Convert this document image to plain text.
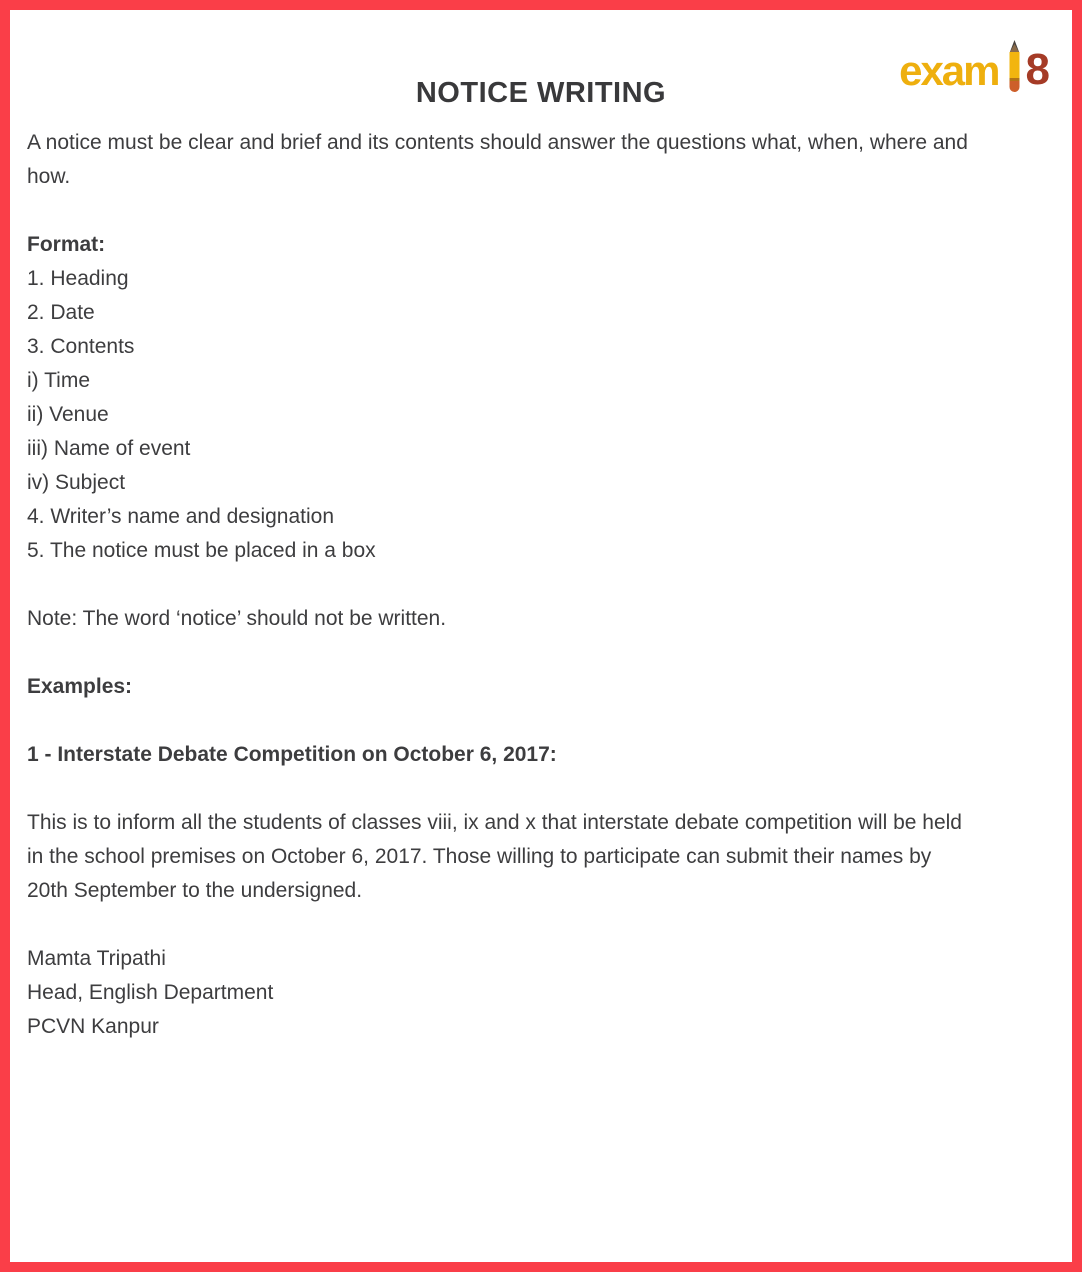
exam 8
NOTICE WRITING

A notice must be clear and brief and its contents should answer the questions what, when, where and how.

Format:
1. Heading
2. Date
3. Contents
i) Time
ii) Venue
iii) Name of event
iv) Subject
4. Writer’s name and designation
5. The notice must be placed in a box

Note: The word ‘notice’ should not be written.

Examples:

1 - Interstate Debate Competition on October 6, 2017:

This is to inform all the students of classes viii, ix and x that interstate debate competition will be held in the school premises on October 6, 2017. Those willing to participate can submit their names by 20th September to the undersigned.

Mamta Tripathi
Head, English Department
PCVN Kanpur
